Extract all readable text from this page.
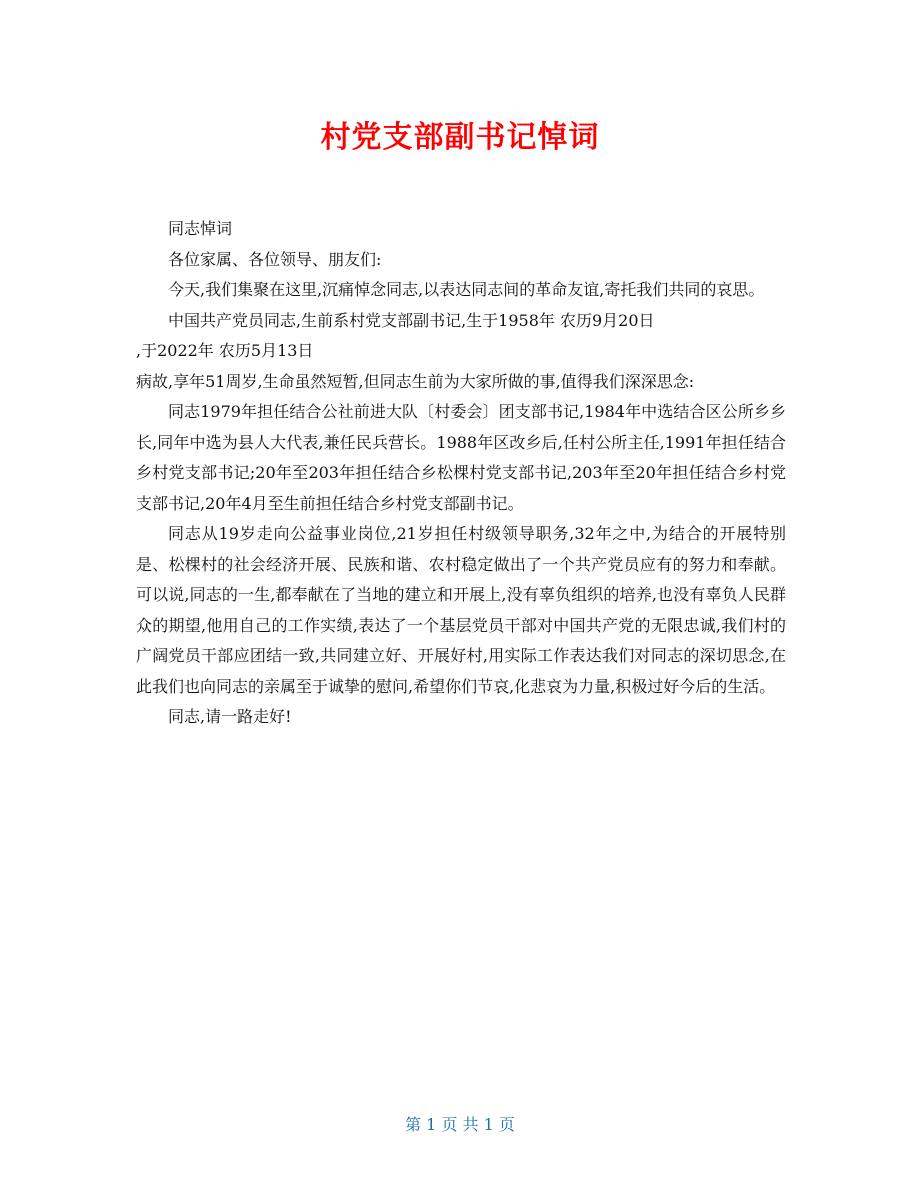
村党支部副书记悼词

同志悼词

各位家属、各位领导、朋友们:

今天,我们集聚在这里,沉痛悼念同志,以表达同志间的革命友谊,寄托我们共同的哀思。

中国共产党员同志,生前系村党支部副书记,生于1958年 农历9月20日
,于2022年 农历5月13日
病故,享年51周岁,生命虽然短暂,但同志生前为大家所做的事,值得我们深深思念:

同志1979年担任结合公社前进大队〔村委会〕团支部书记,1984年中选结合区公所乡乡长,同年中选为县人大代表,兼任民兵营长。1988年区改乡后,任村公所主任,1991年担任结合乡村党支部书记;20年至203年担任结合乡松棵村党支部书记,203年至20年担任结合乡村党支部书记,20年4月至生前担任结合乡村党支部副书记。

同志从19岁走向公益事业岗位,21岁担任村级领导职务,32年之中,为结合的开展特别是、松棵村的社会经济开展、民族和谐、农村稳定做出了一个共产党员应有的努力和奉献。可以说,同志的一生,都奉献在了当地的建立和开展上,没有辜负组织的培养,也没有辜负人民群众的期望,他用自己的工作实绩,表达了一个基层党员干部对中国共产党的无限忠诚,我们村的广阔党员干部应团结一致,共同建立好、开展好村,用实际工作表达我们对同志的深切思念,在此我们也向同志的亲属至于诚挚的慰问,希望你们节哀,化悲哀为力量,积极过好今后的生活。

同志,请一路走好!

第 1 页 共 1 页
